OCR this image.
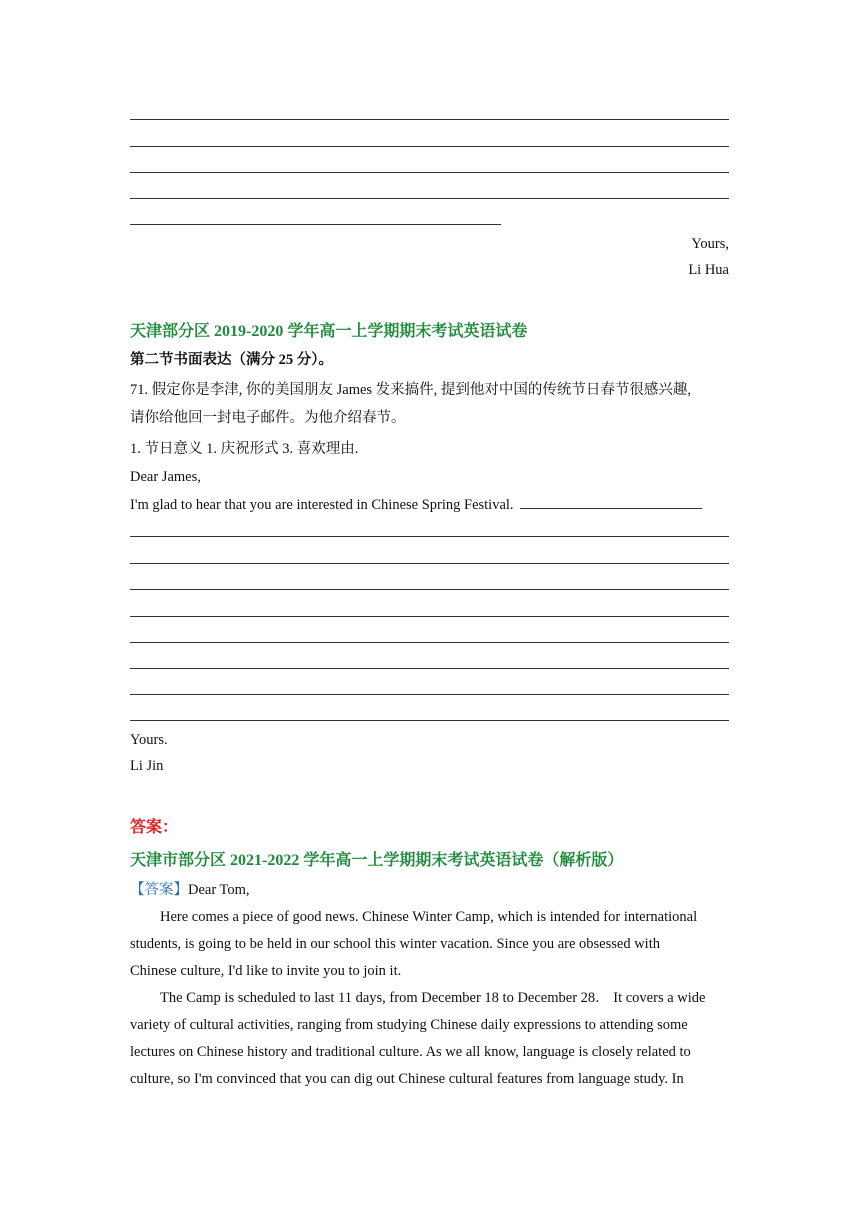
Yours,
Li Hua
天津部分区 2019-2020 学年高一上学期期末考试英语试卷
第二节书面表达（满分 25 分）。
71. 假定你是李津, 你的美国朋友 James 发来搞件, 提到他对中国的传统节日春节很感兴趣,
请你给他回一封电子邮件。为他介绍春节。
1. 节日意义 1. 庆祝形式 3. 喜欢理由.
Dear James,
I'm glad to hear that you are interested in Chinese Spring Festival.
Yours.
Li Jin
答案：
天津市部分区 2021-2022 学年高一上学期期末考试英语试卷（解析版）
【答案】Dear Tom,
Here comes a piece of good news. Chinese Winter Camp, which is intended for international
students, is going to be held in our school this winter vacation. Since you are obsessed with
Chinese culture, I'd like to invite you to join it.
The Camp is scheduled to last 11 days, from December 18 to December 28． It covers a wide
variety of cultural activities, ranging from studying Chinese daily expressions to attending some
lectures on Chinese history and traditional culture. As we all know, language is closely related to
culture, so I'm convinced that you can dig out Chinese cultural features from language study. In
